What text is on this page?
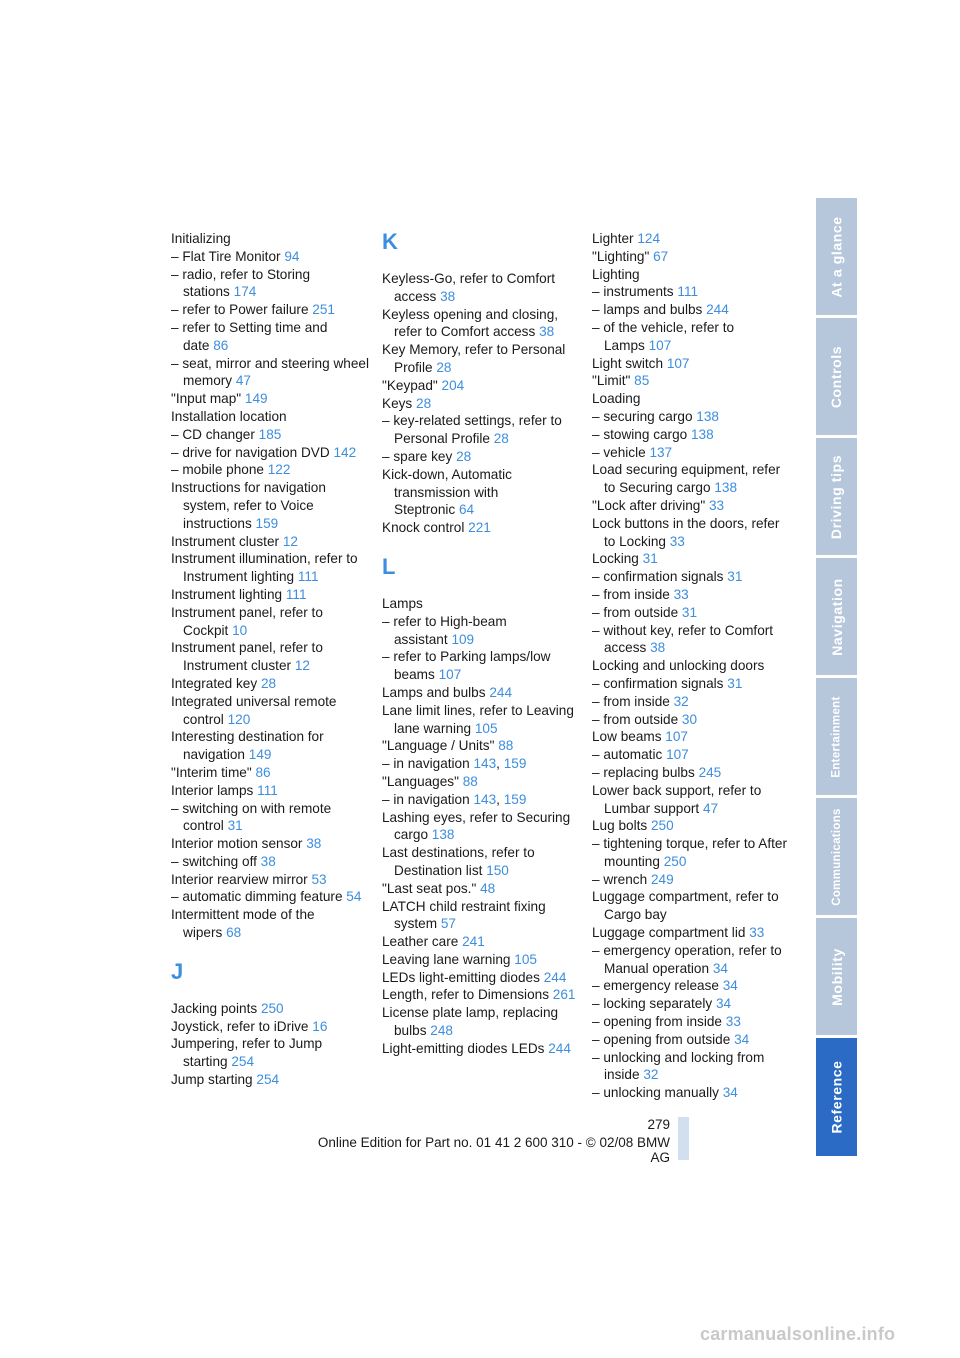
Initializing
– Flat Tire Monitor 94
– radio, refer to Storing stations 174
– refer to Power failure 251
– refer to Setting time and date 86
– seat, mirror and steering wheel memory 47
"Input map" 149
Installation location
– CD changer 185
– drive for navigation DVD 142
– mobile phone 122
Instructions for navigation system, refer to Voice instructions 159
Instrument cluster 12
Instrument illumination, refer to Instrument lighting 111
Instrument lighting 111
Instrument panel, refer to Cockpit 10
Instrument panel, refer to Instrument cluster 12
Integrated key 28
Integrated universal remote control 120
Interesting destination for navigation 149
"Interim time" 86
Interior lamps 111
– switching on with remote control 31
Interior motion sensor 38
– switching off 38
Interior rearview mirror 53
– automatic dimming feature 54
Intermittent mode of the wipers 68
J
Jacking points 250
Joystick, refer to iDrive 16
Jumpering, refer to Jump starting 254
Jump starting 254
K
Keyless-Go, refer to Comfort access 38
Keyless opening and closing, refer to Comfort access 38
Key Memory, refer to Personal Profile 28
"Keypad" 204
Keys 28
– key-related settings, refer to Personal Profile 28
– spare key 28
Kick-down, Automatic transmission with Steptronic 64
Knock control 221
L
Lamps
– refer to High-beam assistant 109
– refer to Parking lamps/low beams 107
Lamps and bulbs 244
Lane limit lines, refer to Leaving lane warning 105
"Language / Units" 88
– in navigation 143, 159
"Languages" 88
– in navigation 143, 159
Lashing eyes, refer to Securing cargo 138
Last destinations, refer to Destination list 150
"Last seat pos." 48
LATCH child restraint fixing system 57
Leather care 241
Leaving lane warning 105
LEDs light-emitting diodes 244
Length, refer to Dimensions 261
License plate lamp, replacing bulbs 248
Light-emitting diodes LEDs 244
Lighter 124
"Lighting" 67
Lighting
– instruments 111
– lamps and bulbs 244
– of the vehicle, refer to Lamps 107
Light switch 107
"Limit" 85
Loading
– securing cargo 138
– stowing cargo 138
– vehicle 137
Load securing equipment, refer to Securing cargo 138
"Lock after driving" 33
Lock buttons in the doors, refer to Locking 33
Locking 31
– confirmation signals 31
– from inside 33
– from outside 31
– without key, refer to Comfort access 38
Locking and unlocking doors
– confirmation signals 31
– from inside 32
– from outside 30
Low beams 107
– automatic 107
– replacing bulbs 245
Lower back support, refer to Lumbar support 47
Lug bolts 250
– tightening torque, refer to After mounting 250
– wrench 249
Luggage compartment, refer to Cargo bay
Luggage compartment lid 33
– emergency operation, refer to Manual operation 34
– emergency release 34
– locking separately 34
– opening from inside 33
– opening from outside 34
– unlocking and locking from inside 32
– unlocking manually 34
At a glance
Controls
Driving tips
Navigation
Entertainment
Communications
Mobility
Reference
279
Online Edition for Part no. 01 41 2 600 310 - © 02/08 BMW AG
carmanualsonline.info
